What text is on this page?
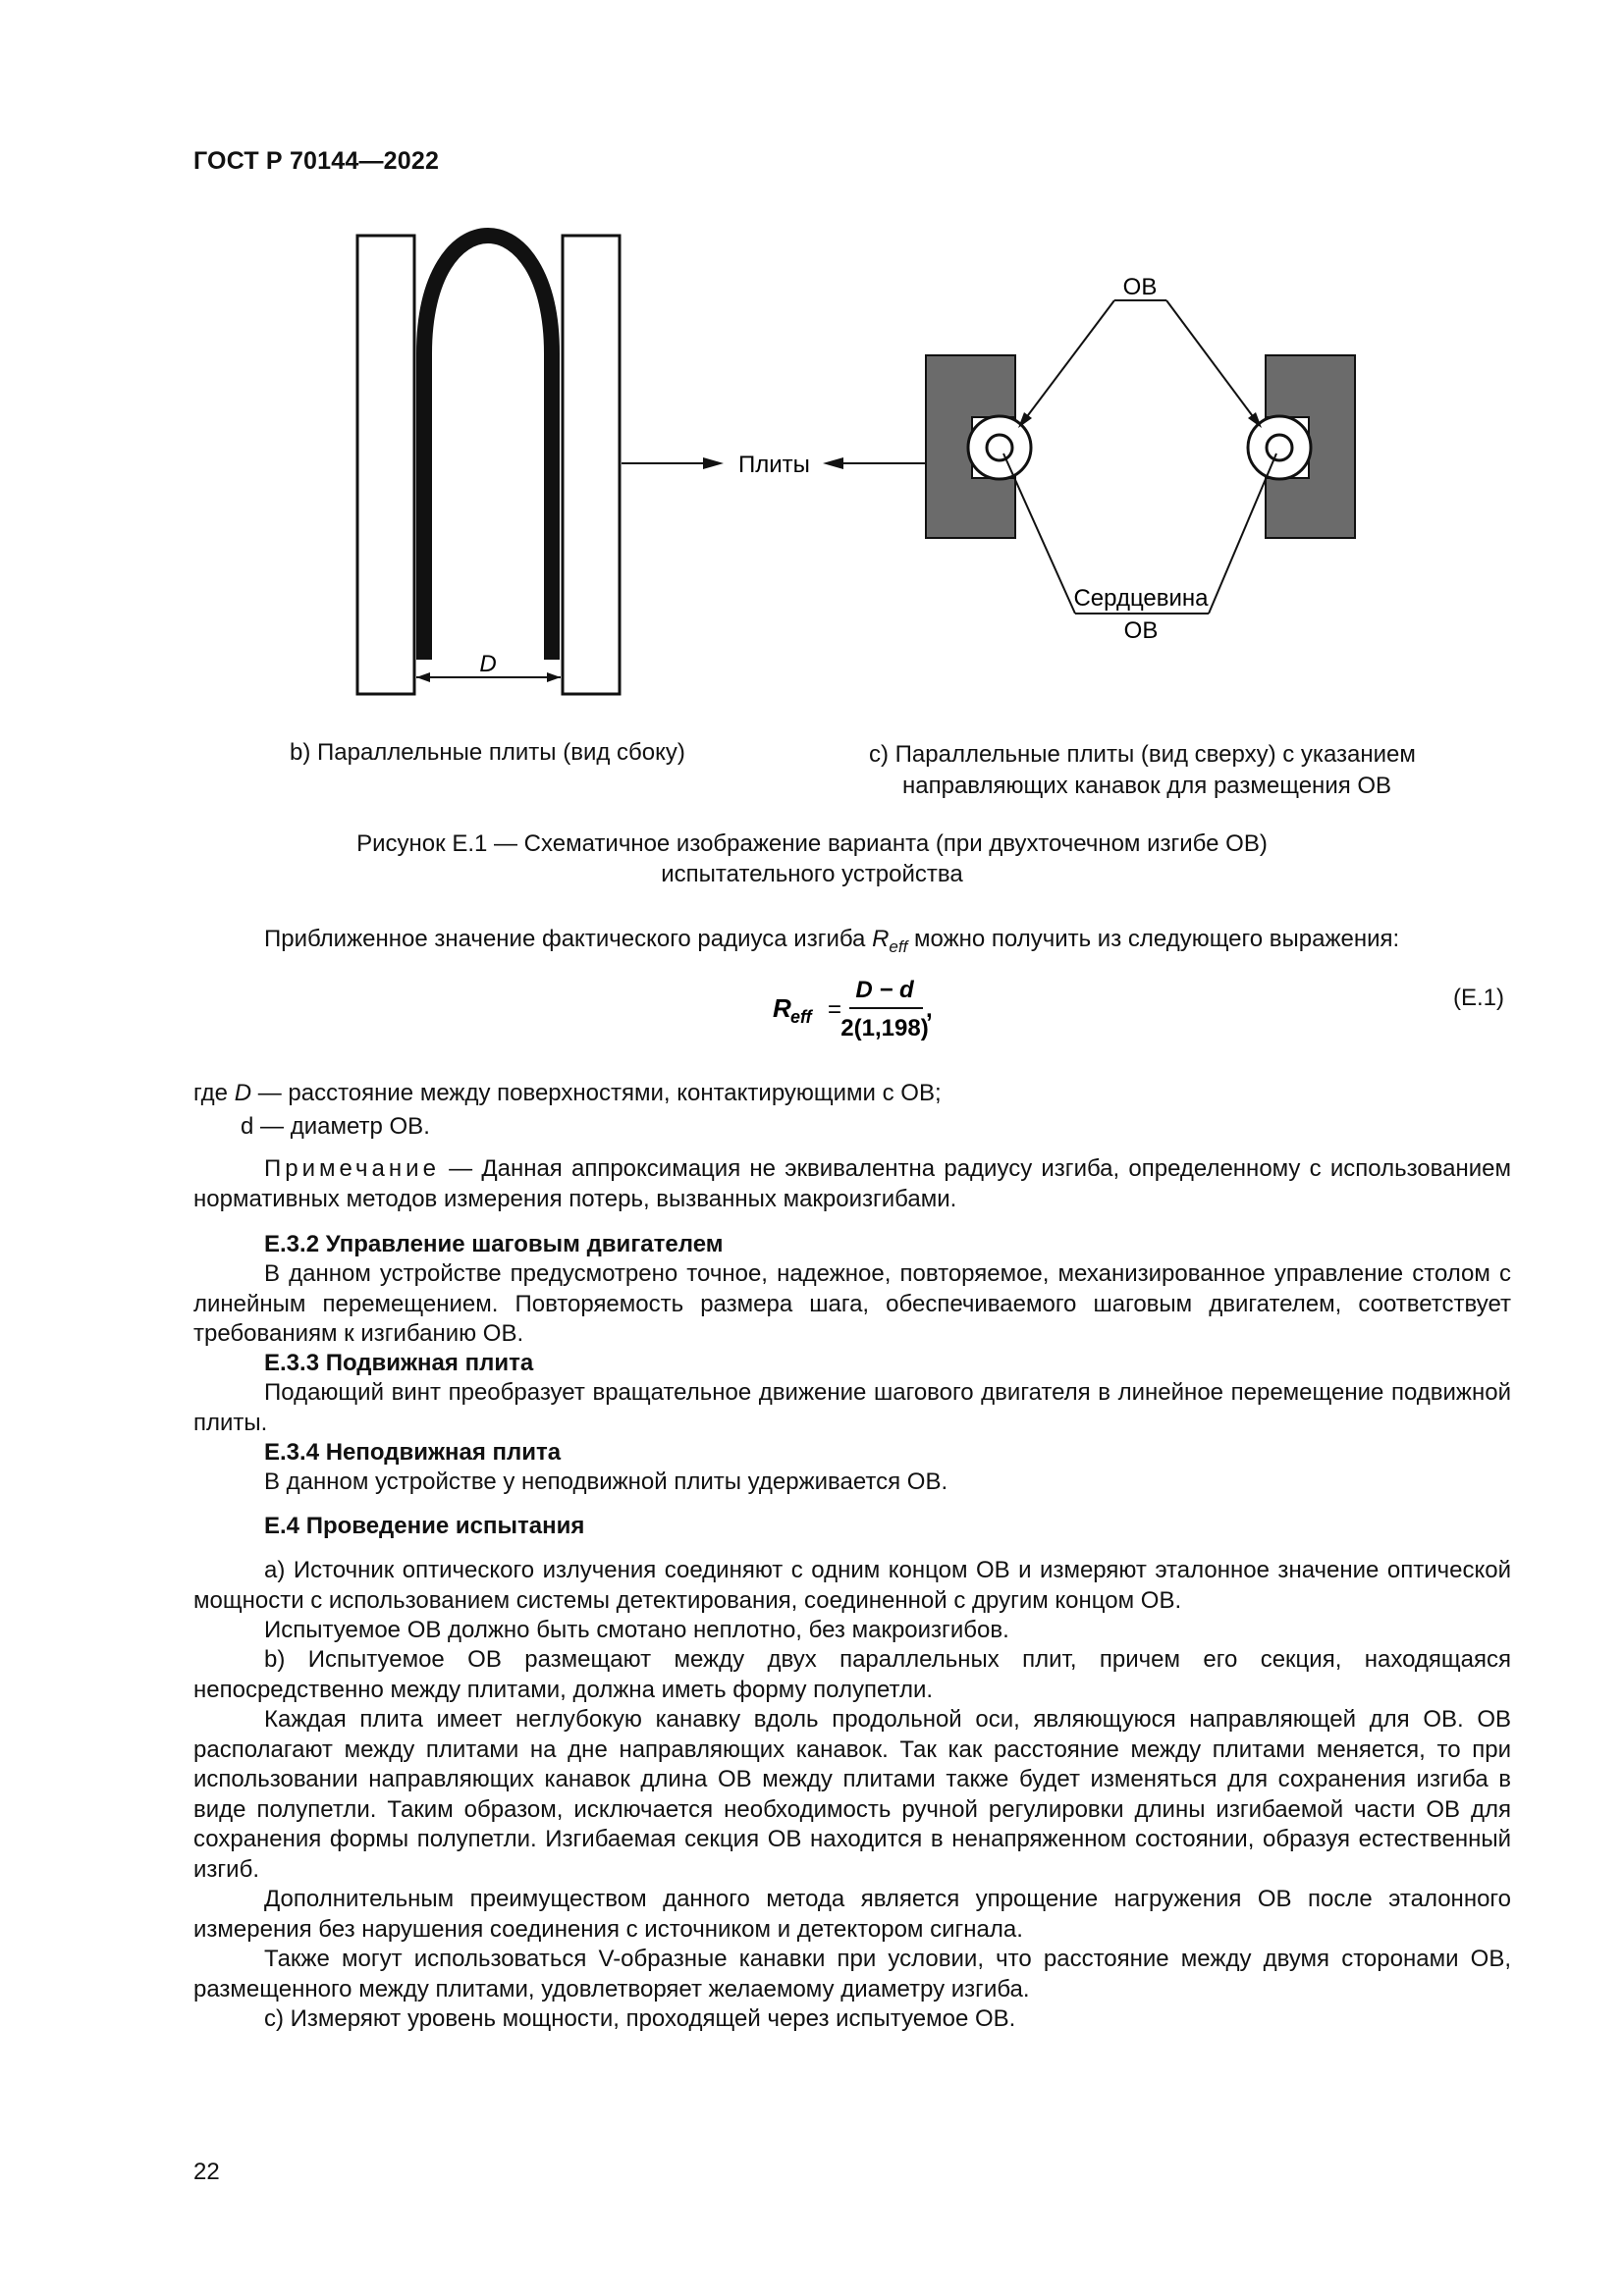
ГОСТ Р 70144—2022
D
Плиты
ОВ
Сердцевина
ОВ
b) Параллельные плиты (вид сбоку)	c) Параллельные плиты (вид сверху) с указанием
направляющих канавок для размещения ОВ
Рисунок Е.1 — Схематичное изображение варианта (при двухточечном изгибе ОВ)
испытательного устройства
Приближенное значение фактического радиуса изгиба $R_{eff}$ можно получить из следующего выражения:
R eff =
D − d
2(1,198)
,	(Е.1)
где D — расстояние между поверхностями, контактирующими с ОВ;
d — диаметр ОВ.
Примечание — Данная аппроксимация не эквивалентна радиусу изгиба, определенному с использованием нормативных методов измерения потерь, вызванных макроизгибами.
Е.3.2 Управление шаговым двигателем
В данном устройстве предусмотрено точное, надежное, повторяемое, механизированное управление столом с линейным перемещением. Повторяемость размера шага, обеспечиваемого шаговым двигателем, соответствует требованиям к изгибанию ОВ.
Е.3.3 Подвижная плита
Подающий винт преобразует вращательное движение шагового двигателя в линейное перемещение подвижной плиты.
Е.3.4 Неподвижная плита
В данном устройстве у неподвижной плиты удерживается ОВ.
Е.4 Проведение испытания
a) Источник оптического излучения соединяют с одним концом ОВ и измеряют эталонное значение оптической мощности с использованием системы детектирования, соединенной с другим концом ОВ.
Испытуемое ОВ должно быть смотано неплотно, без макроизгибов.
b) Испытуемое ОВ размещают между двух параллельных плит, причем его секция, находящаяся непосредственно между плитами, должна иметь форму полупетли.
Каждая плита имеет неглубокую канавку вдоль продольной оси, являющуюся направляющей для ОВ. ОВ располагают между плитами на дне направляющих канавок. Так как расстояние между плитами меняется, то при использовании направляющих канавок длина ОВ между плитами также будет изменяться для сохранения изгиба в виде полупетли. Таким образом, исключается необходимость ручной регулировки длины изгибаемой части ОВ для сохранения формы полупетли. Изгибаемая секция ОВ находится в ненапряженном состоянии, образуя естественный изгиб.
Дополнительным преимуществом данного метода является упрощение нагружения ОВ после эталонного измерения без нарушения соединения с источником и детектором сигнала.
Также могут использоваться V-образные канавки при условии, что расстояние между двумя сторонами ОВ, размещенного между плитами, удовлетворяет желаемому диаметру изгиба.
c) Измеряют уровень мощности, проходящей через испытуемое ОВ.
22
